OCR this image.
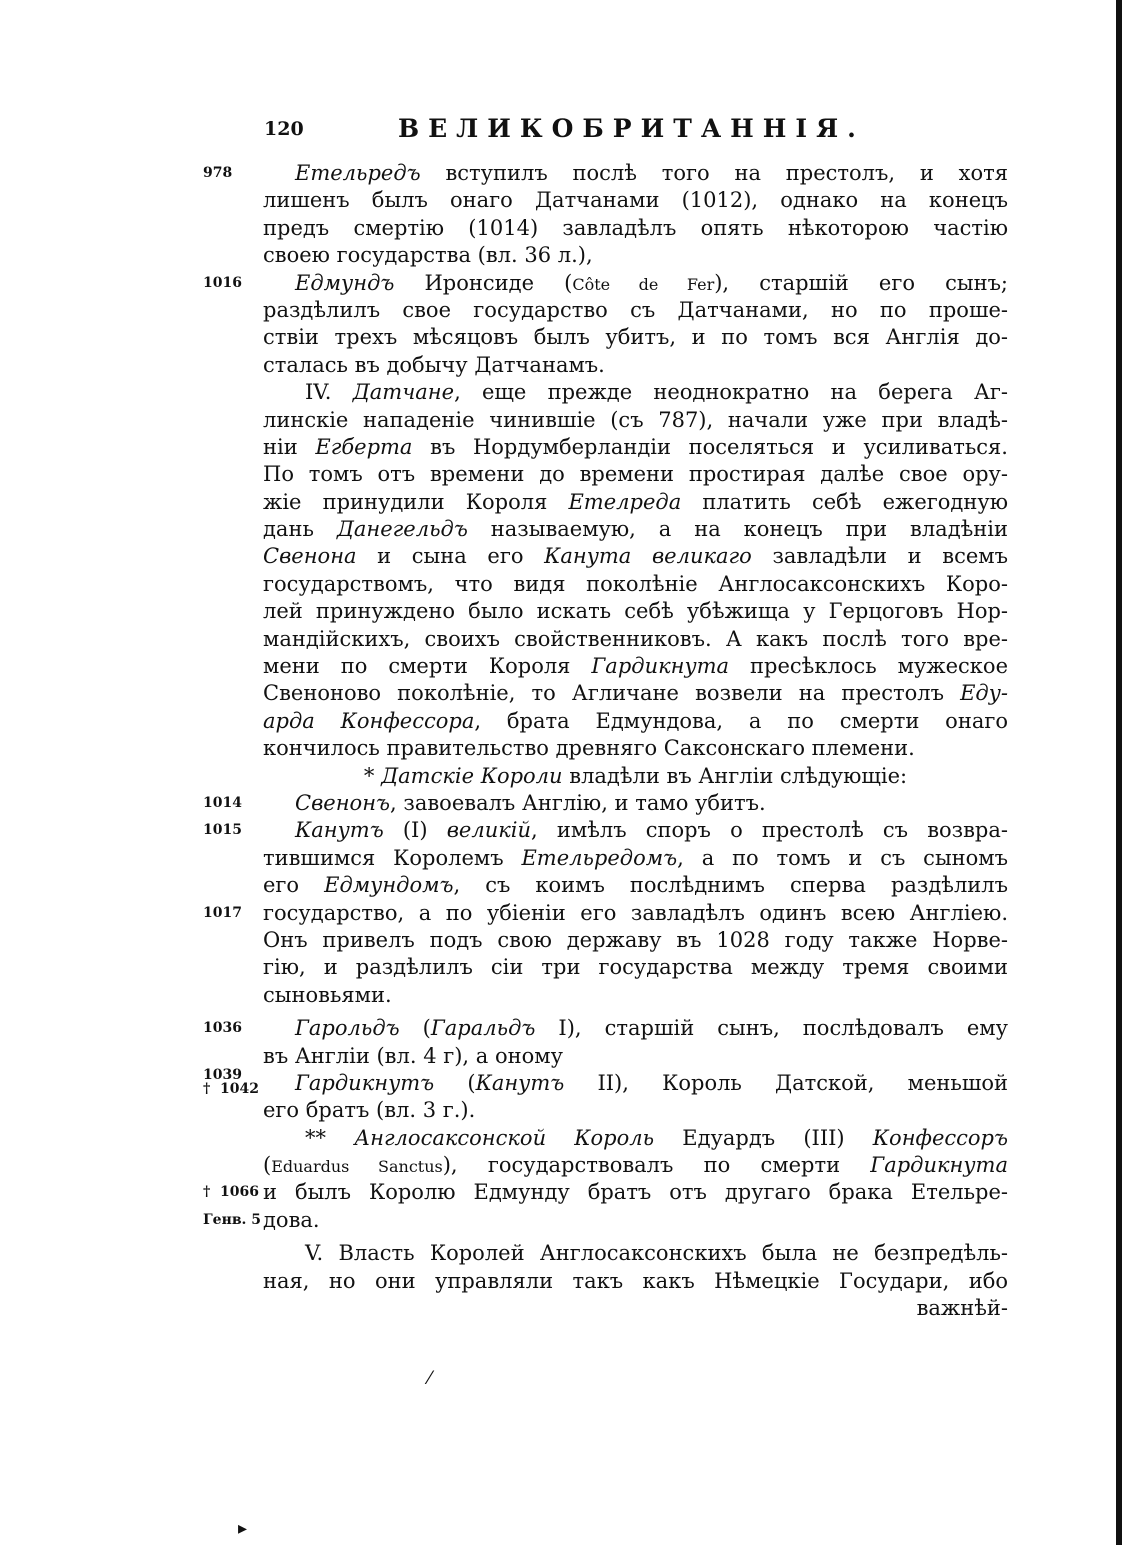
120	ВЕЛИКОБРИТАННІЯ.
978	Етельредъ вступилъ послѣ того на престолъ, и хотя
лишенъ былъ онаго Датчанами (1012), однако на конецъ
предъ смертію (1014) завладѣлъ опять нѣкоторою частію
своею государства (вл. 36 л.),
1016	Едмундъ Иронсиде (Côte de Fer), старшій его сынъ;
раздѣлилъ свое государство съ Датчанами, но по проше-
ствіи трехъ мѣсяцовъ былъ убитъ, и по томъ вся Англія до-
сталась въ добычу Датчанамъ.
IV. Датчане, еще прежде неоднократно на берега Аг-
линскіе нападеніе чинившіе (съ 787), начали уже при владѣ-
ніи Егберта въ Нордумберландіи поселяться и усиливаться.
По томъ отъ времени до времени простирая далѣе свое ору-
жіе принудили Короля Етелреда платить себѣ ежегодную
дань Данегельдъ называемую, а на конецъ при владѣніи
Свенона и сына его Канута великаго завладѣли и всемъ
государствомъ, что видя поколѣніе Англосаксонскихъ Коро-
лей принуждено было искать себѣ убѣжища у Герцоговъ Нор-
мандійскихъ, своихъ свойственниковъ. А какъ послѣ того вре-
мени по смерти Короля Гардикнута пресѣклось мужеское
Свеноново поколѣніе, то Агличане возвели на престолъ Еду-
арда Конфессора, брата Едмундова, а по смерти онаго
кончилось правительство древняго Саксонскаго племени.
* Датскіе Короли владѣли въ Англіи слѣдующіе:
1014	Свенонъ, завоевалъ Англію, и тамо убитъ.
1015	Канутъ (I) великій, имѣлъ споръ о престолѣ съ возвра-
тившимся Королемъ Етельредомъ, а по томъ и съ сыномъ
его Едмундомъ, съ коимъ послѣднимъ сперва раздѣлилъ
1017	государство, а по убіеніи его завладѣлъ одинъ всею Англіею.
Онъ привелъ подъ свою державу въ 1028 году также Норве-
гію, и раздѣлилъ сіи три государства между тремя своими
сыновьями.
1036	Гарольдъ (Гаральдъ I), старшій сынъ, послѣдовалъ ему
въ Англіи (вл. 4 г), а оному
1039
†1042 Гардикнутъ (Канутъ II), Король Датской, меньшой
его братъ (вл. 3 г.).
** Англосаксонской Король Едуардъ (III) Конфессоръ
(Eduardus Sanctus), государствовалъ по смерти Гардикнута
†1066 и былъ Королю Едмунду братъ отъ другаго брака Етельре-
Генв. 5 дова.
V. Власть Королей Англосаксонскихъ была не безпредѣль-
ная, но они управляли такъ какъ Нѣмецкіе Государи, ибо
важнѣй-
⁄
▸
